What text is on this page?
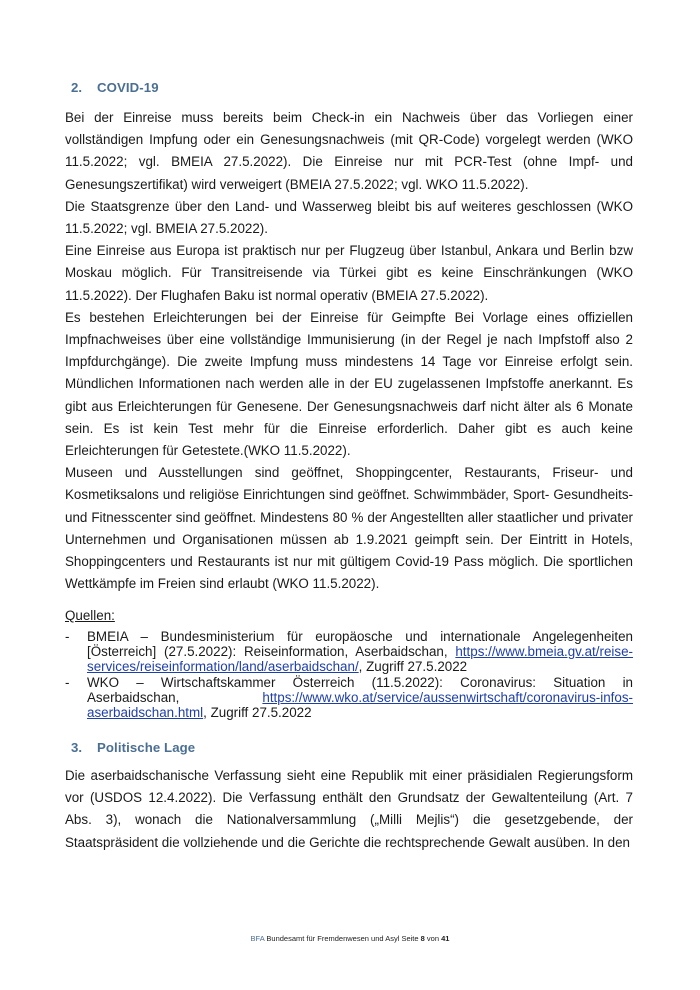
2. COVID-19

Bei der Einreise muss bereits beim Check-in ein Nachweis über das Vorliegen einer vollständigen Impfung oder ein Genesungsnachweis (mit QR-Code) vorgelegt werden (WKO 11.5.2022; vgl. BMEIA 27.5.2022). Die Einreise nur mit PCR-Test (ohne Impf- und Genesungszertifikat) wird verweigert (BMEIA 27.5.2022; vgl. WKO 11.5.2022).

Die Staatsgrenze über den Land- und Wasserweg bleibt bis auf weiteres geschlossen (WKO 11.5.2022; vgl. BMEIA 27.5.2022).

Eine Einreise aus Europa ist praktisch nur per Flugzeug über Istanbul, Ankara und Berlin bzw Moskau möglich. Für Transitreisende via Türkei gibt es keine Einschränkungen (WKO 11.5.2022). Der Flughafen Baku ist normal operativ (BMEIA 27.5.2022).

Es bestehen Erleichterungen bei der Einreise für Geimpfte Bei Vorlage eines offiziellen Impfnachweises über eine vollständige Immunisierung (in der Regel je nach Impfstoff also 2 Impfdurchgänge). Die zweite Impfung muss mindestens 14 Tage vor Einreise erfolgt sein. Mündlichen Informationen nach werden alle in der EU zugelassenen Impfstoffe anerkannt. Es gibt aus Erleichterungen für Genesene. Der Genesungsnachweis darf nicht älter als 6 Monate sein. Es ist kein Test mehr für die Einreise erforderlich. Daher gibt es auch keine Erleichterungen für Getestete.(WKO 11.5.2022).

Museen und Ausstellungen sind geöffnet, Shoppingcenter, Restaurants, Friseur- und Kosmetiksalons und religiöse Einrichtungen sind geöffnet. Schwimmbäder, Sport- Gesundheits- und Fitnesscenter sind geöffnet. Mindestens 80 % der Angestellten aller staatlicher und privater Unternehmen und Organisationen müssen ab 1.9.2021 geimpft sein. Der Eintritt in Hotels, Shoppingcenters und Restaurants ist nur mit gültigem Covid-19 Pass möglich. Die sportlichen Wettkämpfe im Freien sind erlaubt (WKO 11.5.2022).

Quellen:

-	BMEIA – Bundesministerium für europäosche und internationale Angelegenheiten [Österreich] (27.5.2022): Reiseinformation, Aserbaidschan, https://www.bmeia.gv.at/reise-services/reiseinformation/land/aserbaidschan/, Zugriff 27.5.2022
-	WKO – Wirtschaftskammer Österreich (11.5.2022): Coronavirus: Situation in Aserbaidschan,	https://www.wko.at/service/aussenwirtschaft/coronavirus-infos-aserbaidschan.html, Zugriff 27.5.2022
3. Politische Lage

Die aserbaidschanische Verfassung sieht eine Republik mit einer präsidialen Regierungsform vor (USDOS 12.4.2022). Die Verfassung enthält den Grundsatz der Gewaltenteilung (Art. 7 Abs. 3), wonach die Nationalversammlung („Milli Mejlis“) die gesetzgebende, der Staatspräsident die vollziehende und die Gerichte die rechtsprechende Gewalt ausüben. In den

BFA Bundesamt für Fremdenwesen und Asyl Seite 8 von 41
